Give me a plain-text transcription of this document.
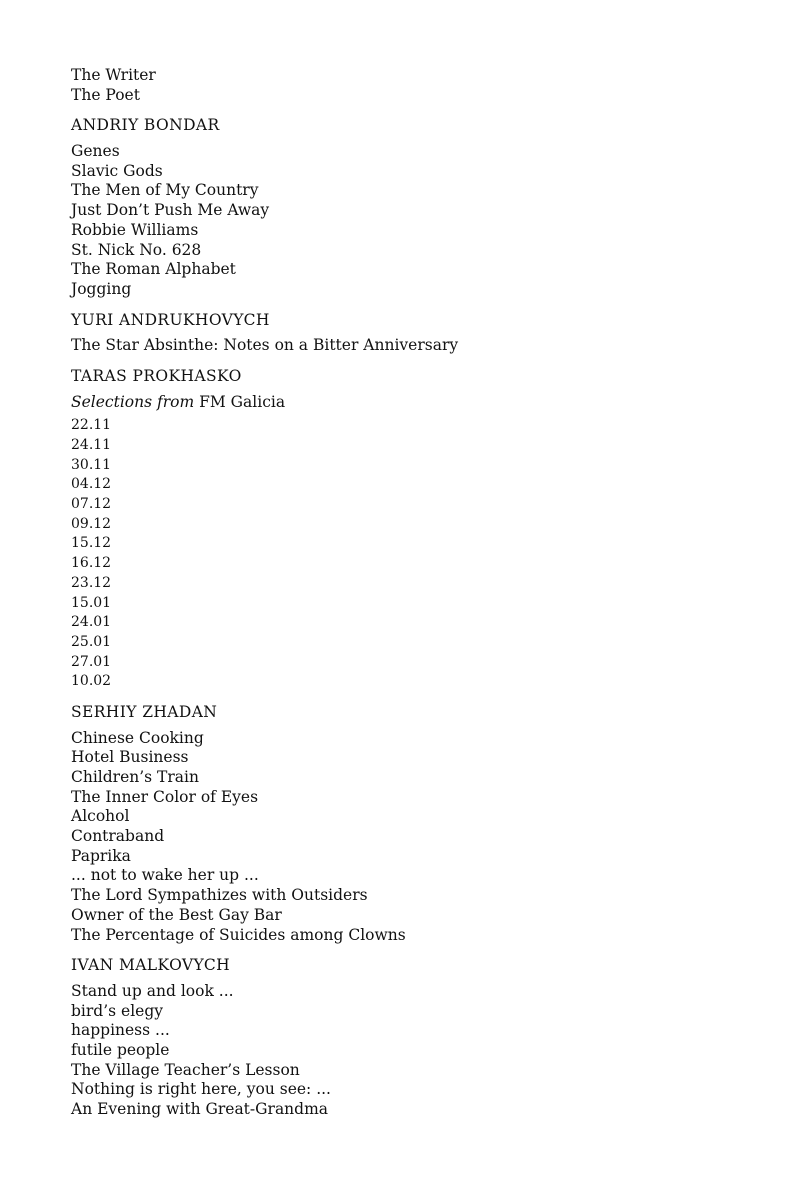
The Writer
The Poet
ANDRIY BONDAR
Genes
Slavic Gods
The Men of My Country
Just Don’t Push Me Away
Robbie Williams
St. Nick No. 628
The Roman Alphabet
Jogging
YURI ANDRUKHOVYCH
The Star Absinthe: Notes on a Bitter Anniversary
TARAS PROKHASKO
Selections from FM Galicia
22.11
24.11
30.11
04.12
07.12
09.12
15.12
16.12
23.12
15.01
24.01
25.01
27.01
10.02
SERHIY ZHADAN
Chinese Cooking
Hotel Business
Children’s Train
The Inner Color of Eyes
Alcohol
Contraband
Paprika
... not to wake her up ...
The Lord Sympathizes with Outsiders
Owner of the Best Gay Bar
The Percentage of Suicides among Clowns
IVAN MALKOVYCH
Stand up and look ...
bird’s elegy
happiness ...
futile people
The Village Teacher’s Lesson
Nothing is right here, you see: ...
An Evening with Great-Grandma
